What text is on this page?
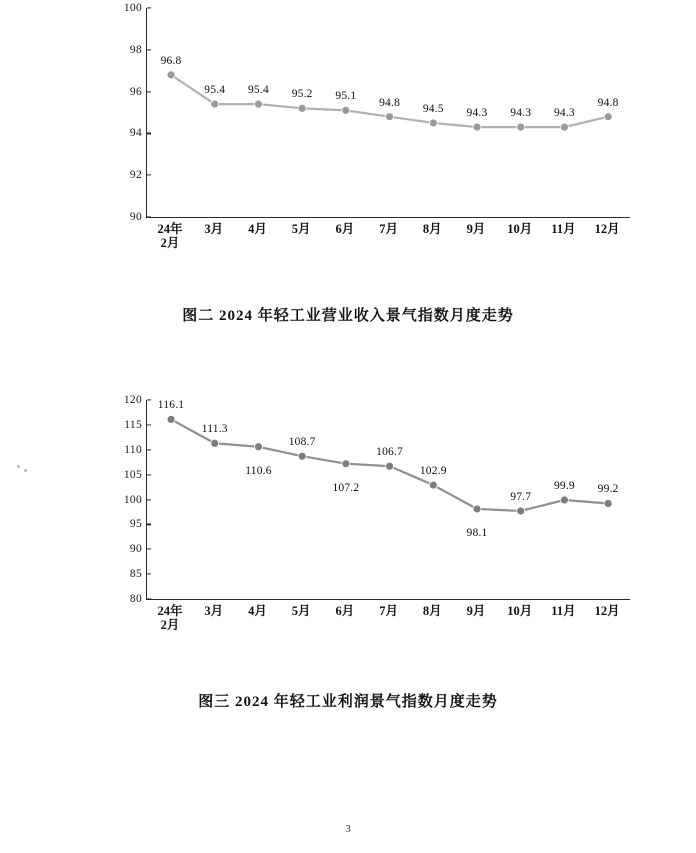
90
92
94
96
98
100
96.8
95.4 95.4 95.2 95.1
94.8
94.5 94.3 94.3 94.3
94.8
24年
2月
3月 4月 5月 6月 7月 8月 9月 10月 11月 12月
图二 2024 年轻工业营业收入景气指数月度走势
80
85
90
95
100
105
110
115
120	116.1
111.3
110.6
108.7
107.2
106.7
102.9
98.1
97.7
99.9 99.2
24年
2月
3月 4月 5月 6月 7月 8月 9月 10月 11月 12月
图三 2024 年轻工业利润景气指数月度走势
3
